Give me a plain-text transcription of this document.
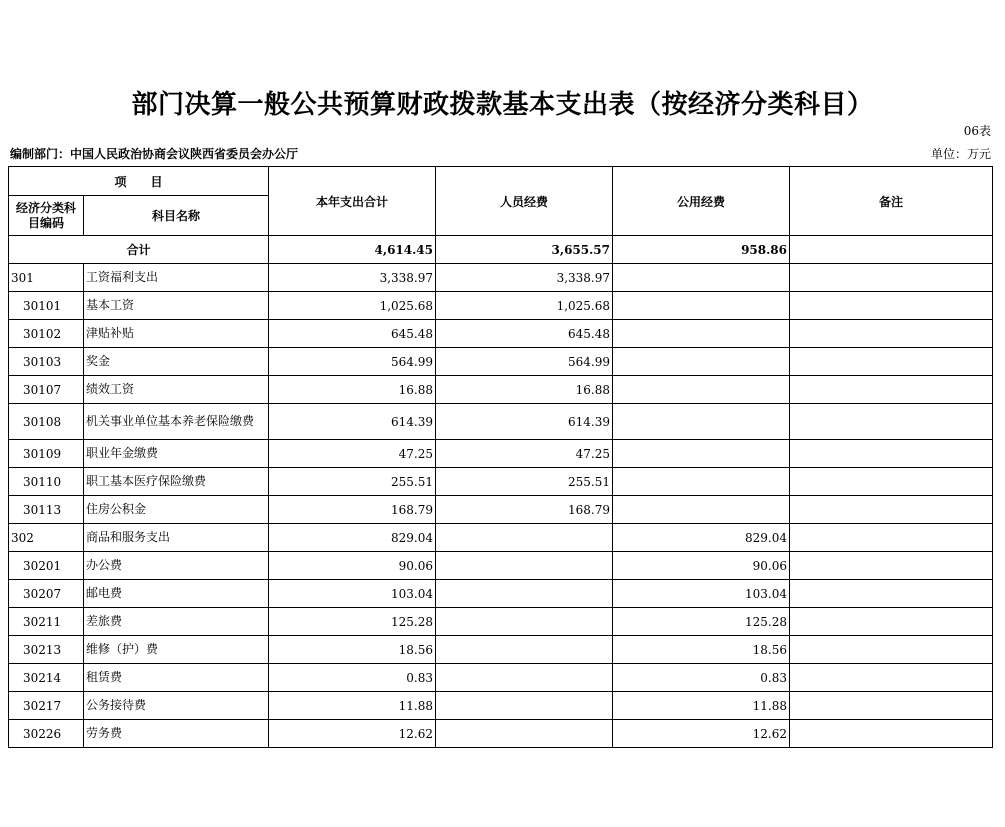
部门决算一般公共预算财政拨款基本支出表（按经济分类科目）
06表
编制部门：中国人民政治协商会议陕西省委员会办公厅	单位：万元
项　　目		本年支出合计	人员经费	公用经费	备注
经济分类科目编码	科目名称				
合计		4,614.45	3,655.57	958.86	
301	工资福利支出	3,338.97	3,338.97		
30101	基本工资	1,025.68	1,025.68		
30102	津贴补贴	645.48	645.48		
30103	奖金	564.99	564.99		
30107	绩效工资	16.88	16.88		
30108	机关事业单位基本养老保险缴费	614.39	614.39		
30109	职业年金缴费	47.25	47.25		
30110	职工基本医疗保险缴费	255.51	255.51		
30113	住房公积金	168.79	168.79		
302	商品和服务支出	829.04		829.04	
30201	办公费	90.06		90.06	
30207	邮电费	103.04		103.04	
30211	差旅费	125.28		125.28	
30213	维修（护）费	18.56		18.56	
30214	租赁费	0.83		0.83	
30217	公务接待费	11.88		11.88	
30226	劳务费	12.62		12.62	
